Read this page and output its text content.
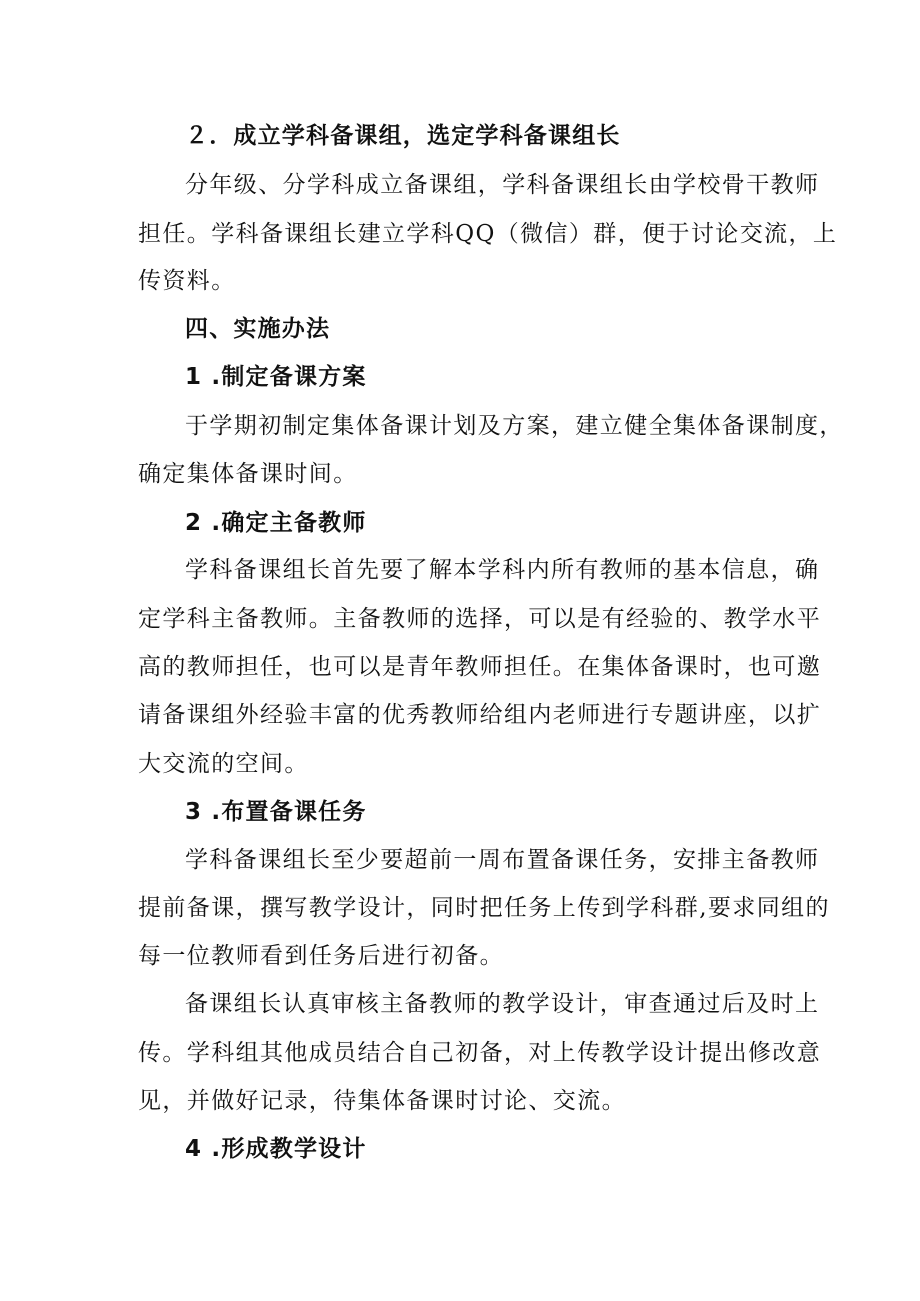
２．成立学科备课组，选定学科备课组长
分年级、分学科成立备课组，学科备课组长由学校骨干教师
担任。学科备课组长建立学科QQ（微信）群，便于讨论交流，上
传资料。
四、实施办法
1 .制定备课方案
于学期初制定集体备课计划及方案，建立健全集体备课制度，
确定集体备课时间。
2 .确定主备教师
学科备课组长首先要了解本学科内所有教师的基本信息，确
定学科主备教师。主备教师的选择，可以是有经验的、教学水平
高的教师担任，也可以是青年教师担任。在集体备课时，也可邀
请备课组外经验丰富的优秀教师给组内老师进行专题讲座，以扩
大交流的空间。
3 .布置备课任务
学科备课组长至少要超前一周布置备课任务，安排主备教师
提前备课，撰写教学设计，同时把任务上传到学科群,要求同组的
每一位教师看到任务后进行初备。
备课组长认真审核主备教师的教学设计，审查通过后及时上
传。学科组其他成员结合自己初备，对上传教学设计提出修改意
见，并做好记录，待集体备课时讨论、交流。
4 .形成教学设计
